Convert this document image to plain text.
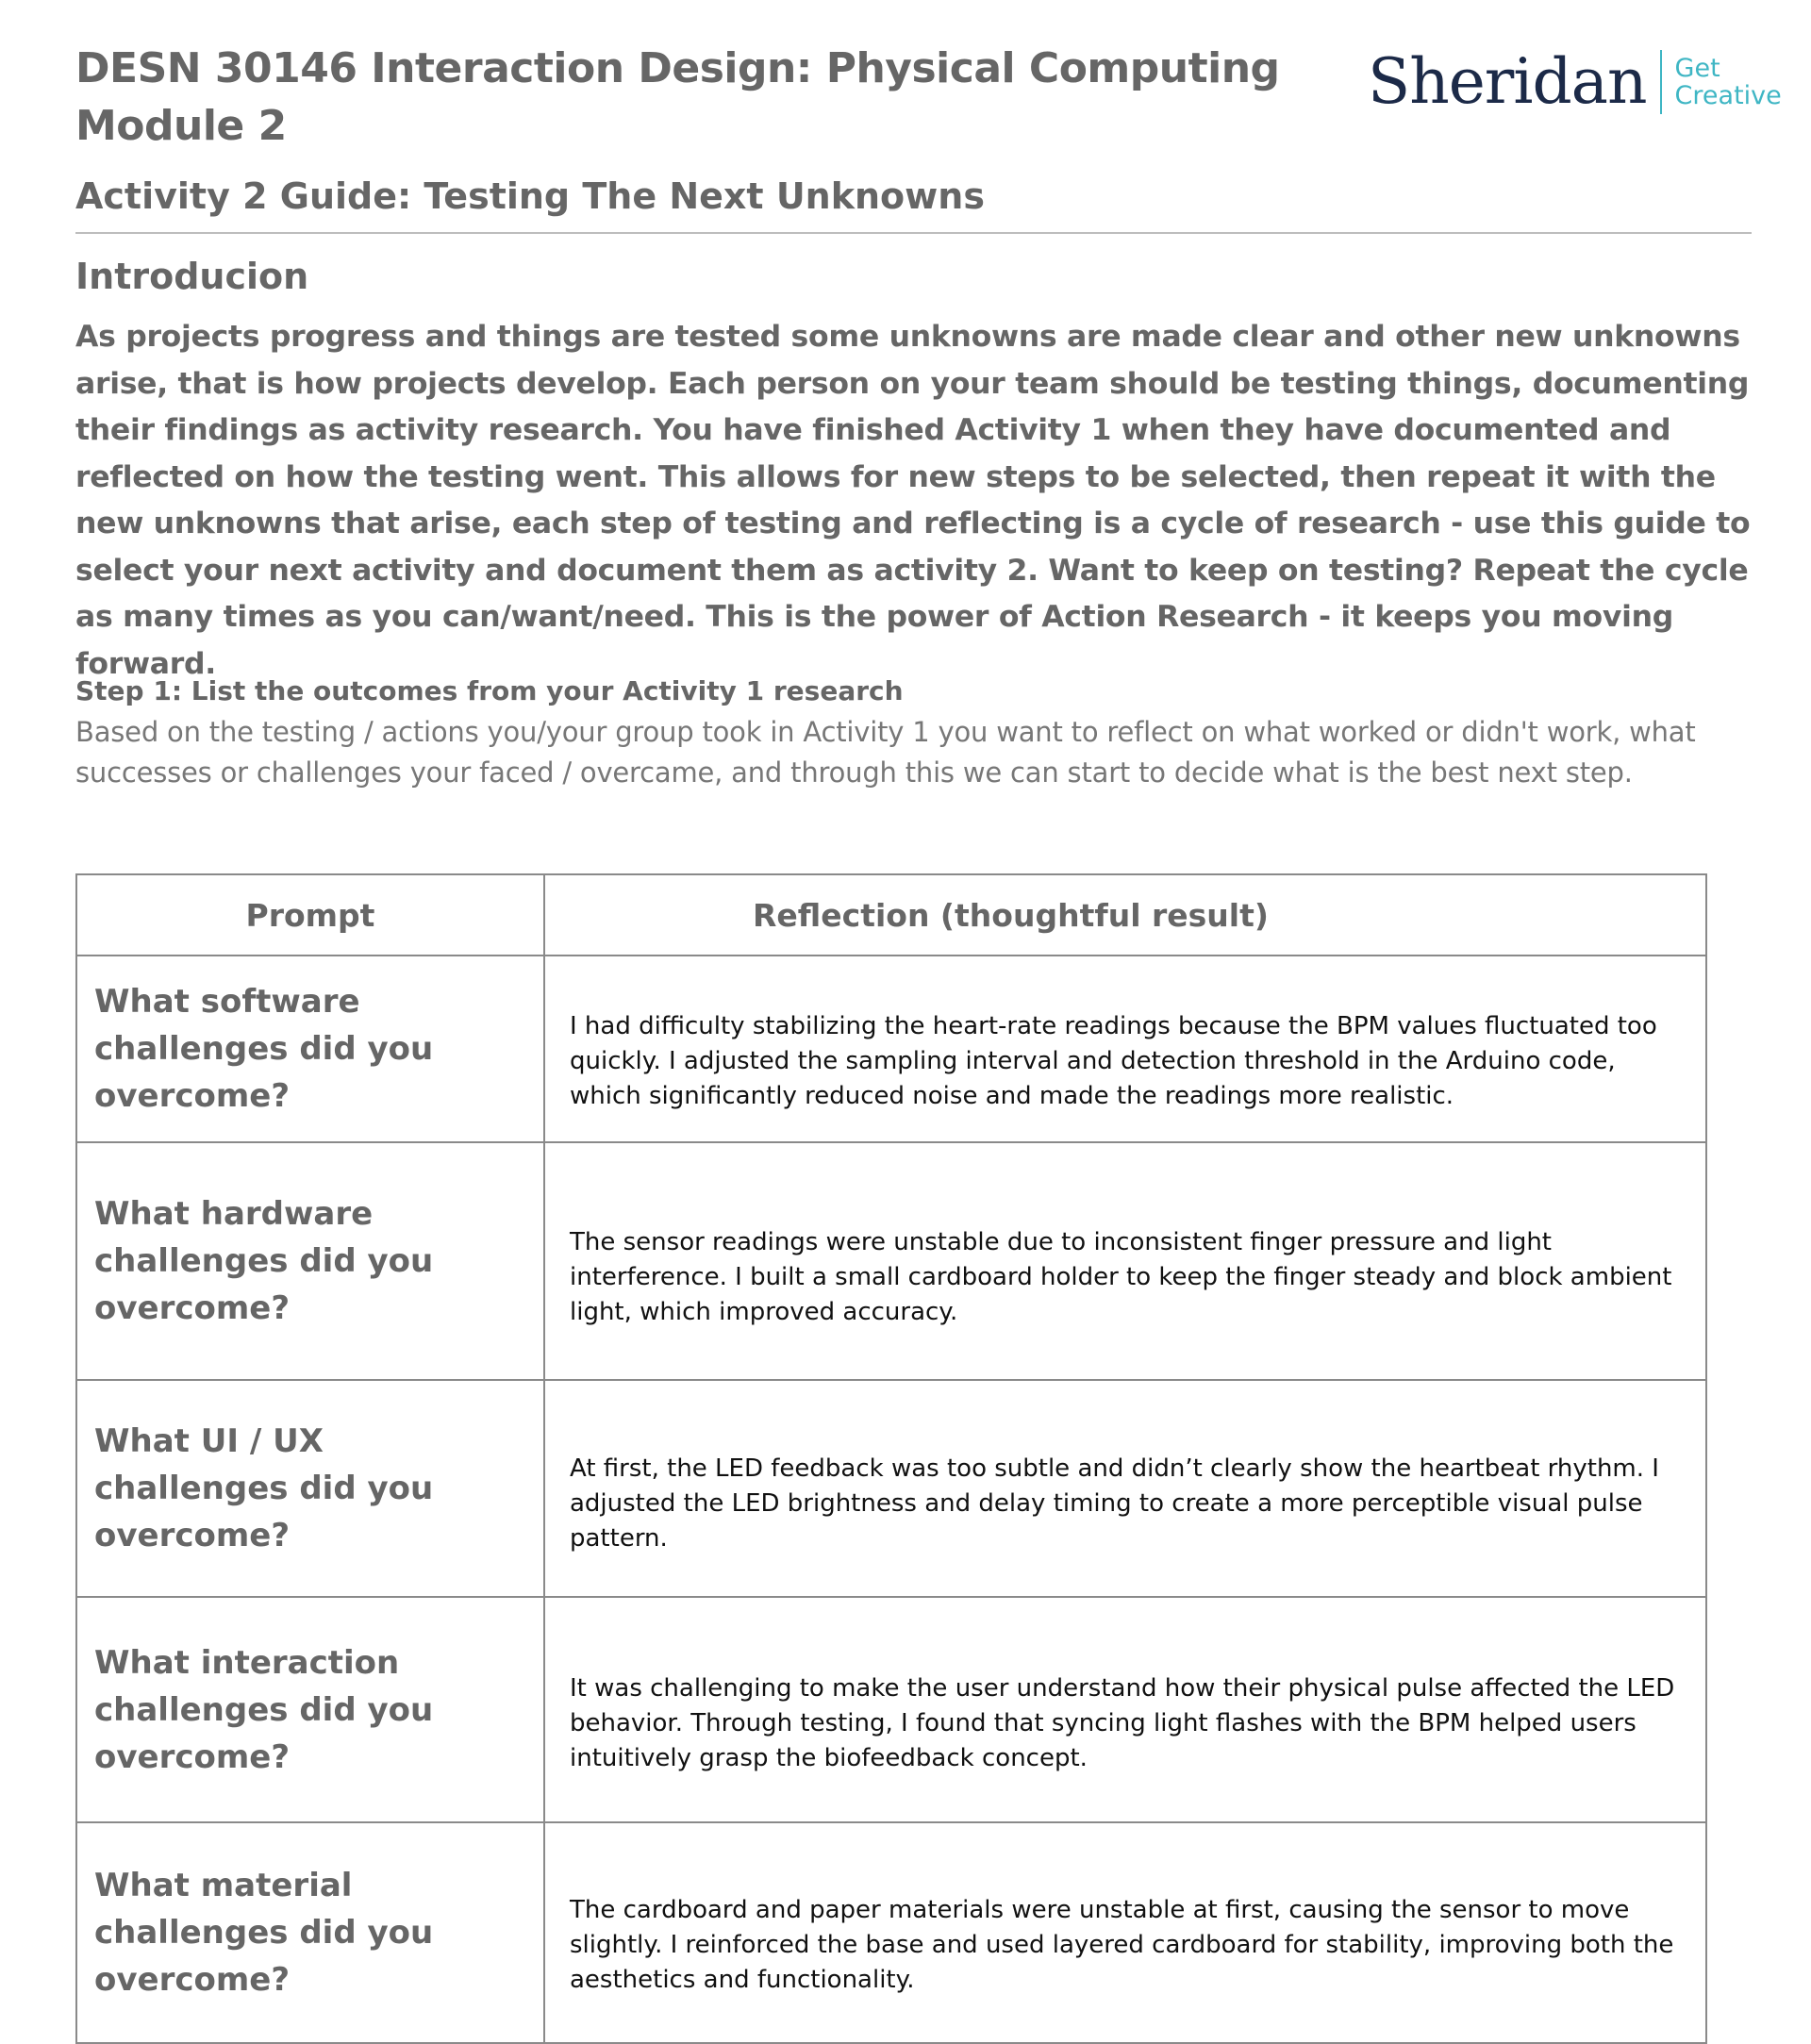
DESN 30146 Interaction Design: Physical Computing
Module 2
Sheridan Get
Creative
Activity 2 Guide: Testing The Next Unknowns
Introducion
As projects progress and things are tested some unknowns are made clear and other new unknowns arise, that is how projects develop. Each person on your team should be testing things, documenting their findings as activity research. You have finished Activity 1 when they have documented and reflected on how the testing went. This allows for new steps to be selected, then repeat it with the new unknowns that arise, each step of testing and reflecting is a cycle of research - use this guide to select your next activity and document them as activity 2. Want to keep on testing? Repeat the cycle as many times as you can/want/need. This is the power of Action Research - it keeps you moving forward.
Step 1: List the outcomes from your Activity 1 research
Based on the testing / actions you/your group took in Activity 1 you want to reflect on what worked or didn't work, what successes or challenges your faced / overcame, and through this we can start to decide what is the best next step.
Prompt	Reflection (thoughtful result)
What software challenges did you overcome?	I had difficulty stabilizing the heart-rate readings because the BPM values fluctuated too quickly. I adjusted the sampling interval and detection threshold in the Arduino code, which significantly reduced noise and made the readings more realistic.
What hardware challenges did you overcome?	The sensor readings were unstable due to inconsistent finger pressure and light interference. I built a small cardboard holder to keep the finger steady and block ambient light, which improved accuracy.
What UI / UX challenges did you overcome?	At first, the LED feedback was too subtle and didn’t clearly show the heartbeat rhythm. I adjusted the LED brightness and delay timing to create a more perceptible visual pulse pattern.
What interaction challenges did you overcome?	It was challenging to make the user understand how their physical pulse affected the LED behavior. Through testing, I found that syncing light flashes with the BPM helped users intuitively grasp the biofeedback concept.
What material challenges did you overcome?	The cardboard and paper materials were unstable at first, causing the sensor to move slightly. I reinforced the base and used layered cardboard for stability, improving both the aesthetics and functionality.
